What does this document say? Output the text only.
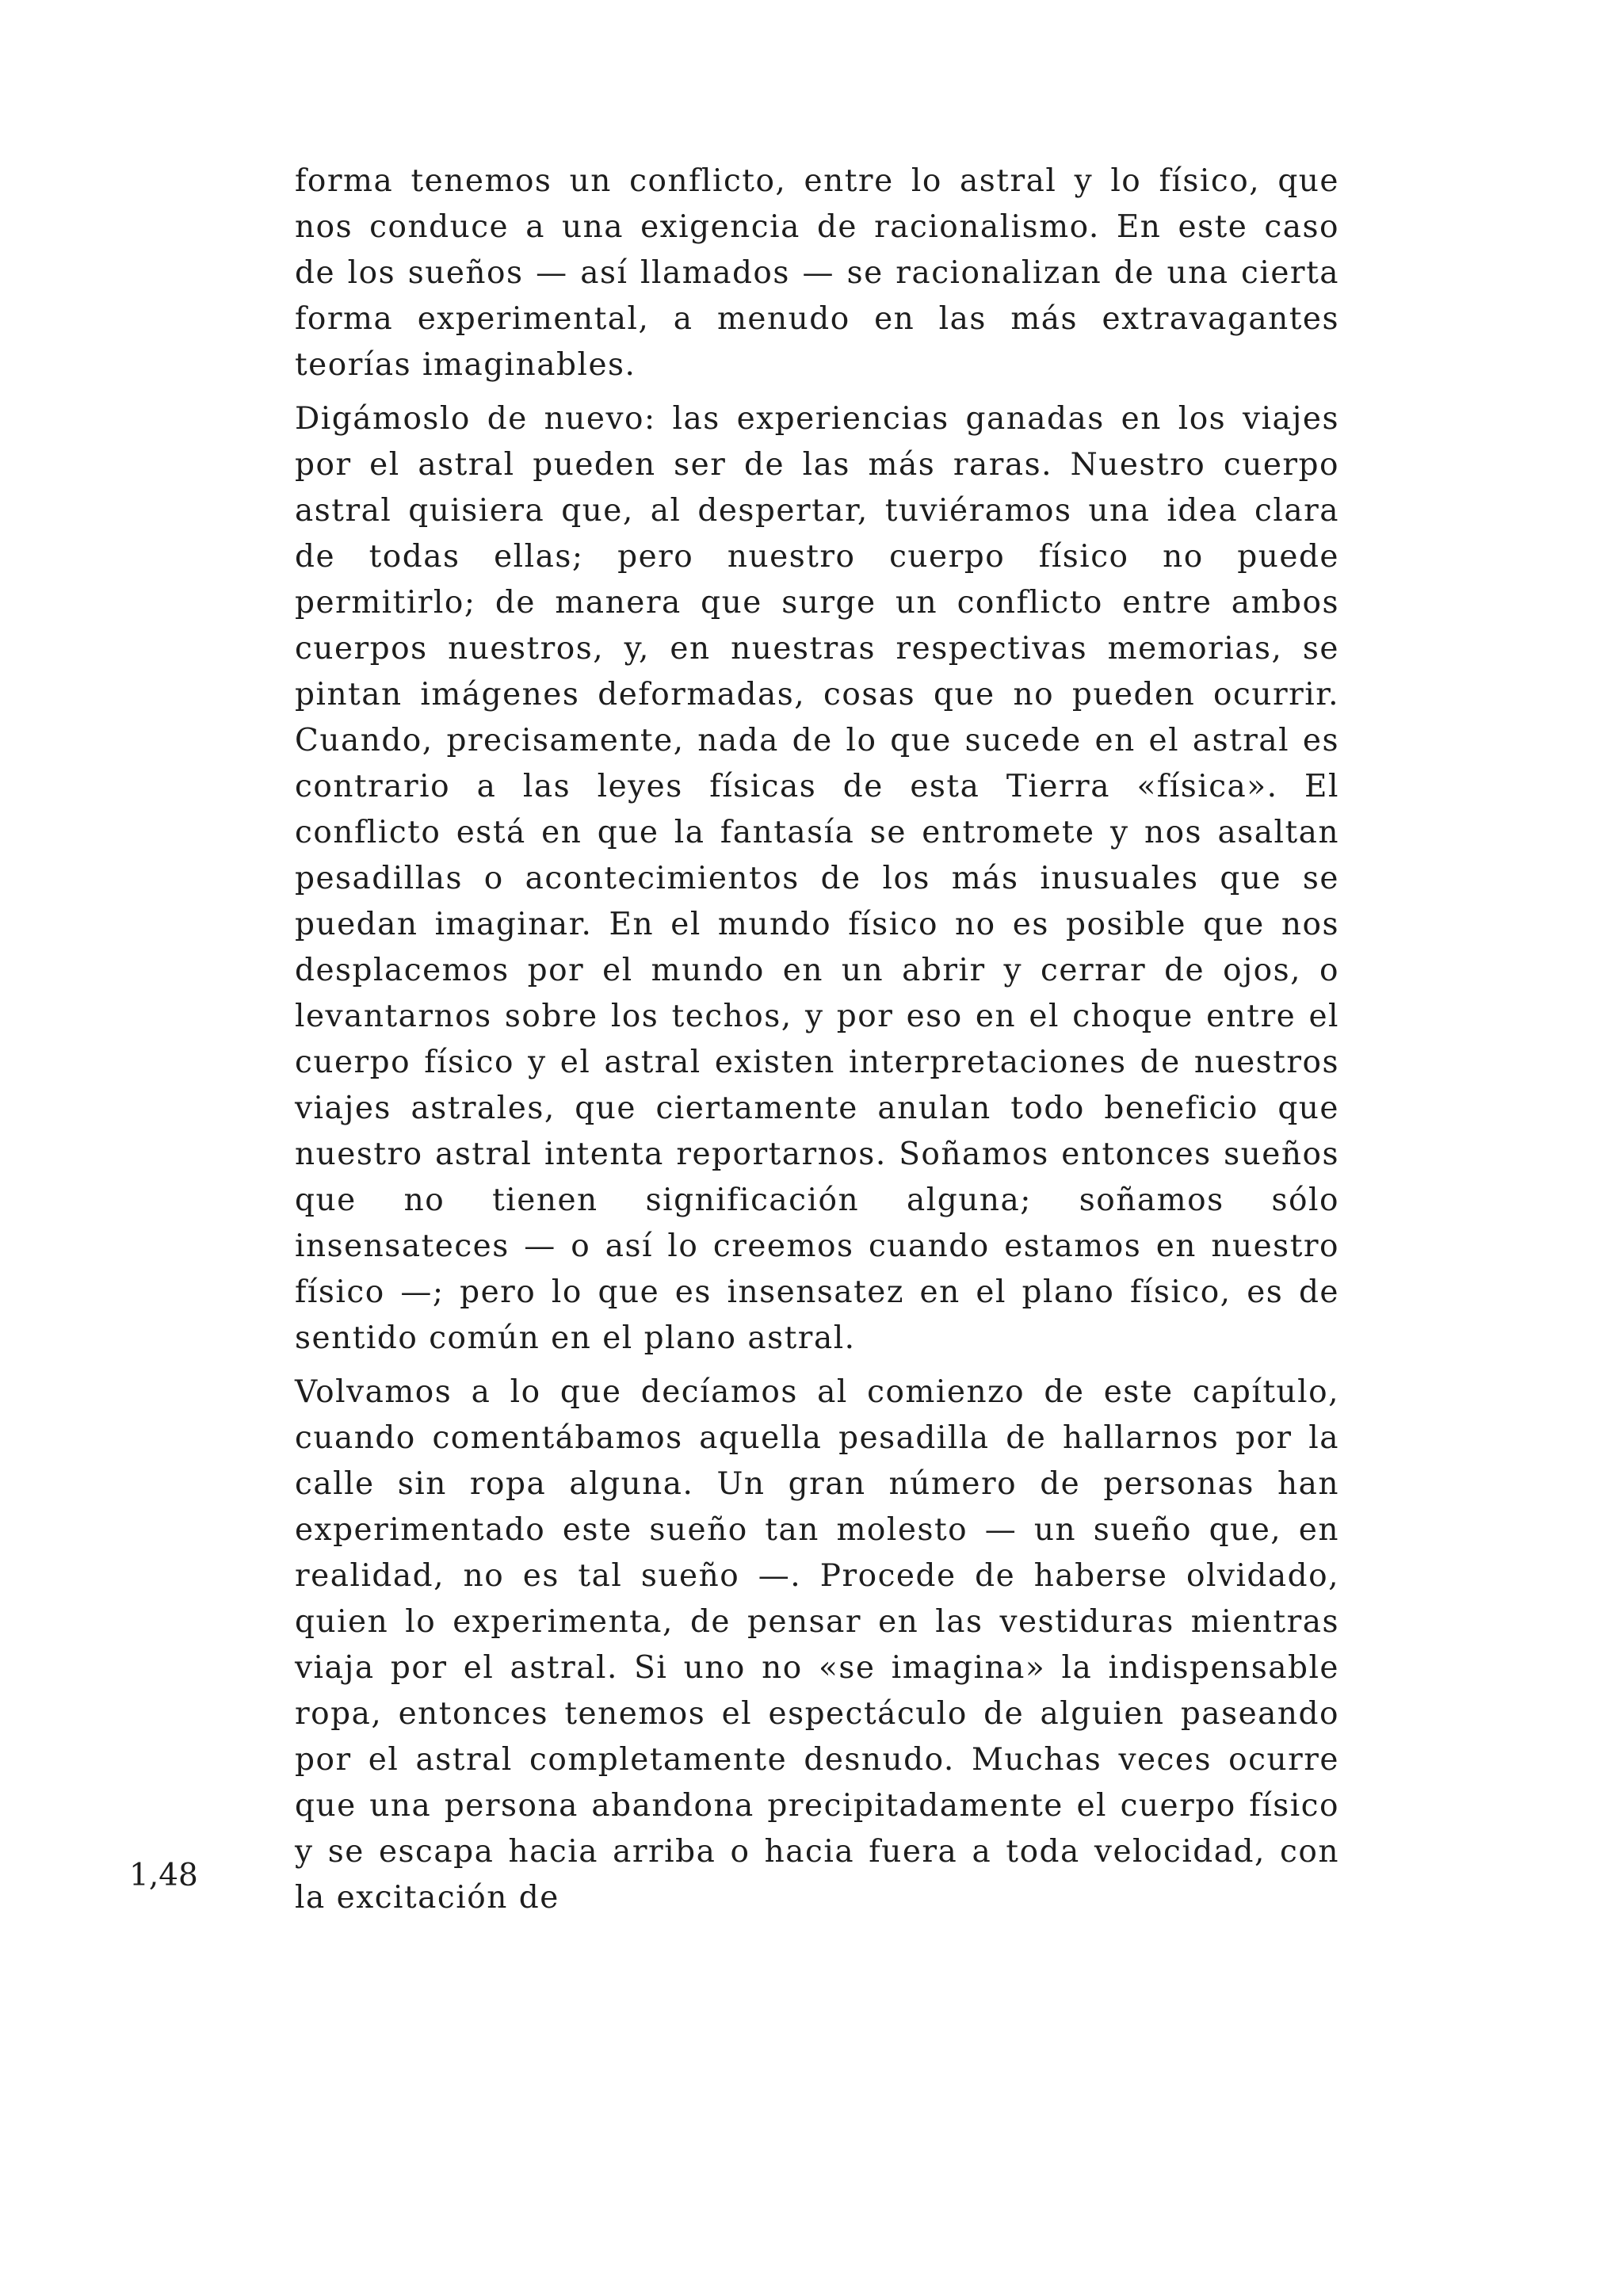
forma tenemos un conflicto, entre lo astral y lo físico, que nos conduce a una exigencia de racionalismo. En este caso de los sueños — así llamados — se racionalizan de una cierta forma experimental, a menudo en las más extravagantes teorías imaginables.

Digámoslo de nuevo: las experiencias ganadas en los viajes por el astral pueden ser de las más raras. Nuestro cuerpo astral quisiera que, al despertar, tuviéramos una idea clara de todas ellas; pero nuestro cuerpo físico no puede permitirlo; de manera que surge un conflicto entre ambos cuerpos nuestros, y, en nuestras respectivas memorias, se pintan imágenes deformadas, cosas que no pueden ocurrir. Cuando, precisamente, nada de lo que sucede en el astral es contrario a las leyes físicas de esta Tierra «física». El conflicto está en que la fantasía se entromete y nos asaltan pesadillas o acontecimientos de los más inusuales que se puedan imaginar. En el mundo físico no es posible que nos desplacemos por el mundo en un abrir y cerrar de ojos, o levantarnos sobre los techos, y por eso en el choque entre el cuerpo físico y el astral existen interpretaciones de nuestros viajes astrales, que ciertamente anulan todo beneficio que nuestro astral intenta reportarnos. Soñamos entonces sueños que no tienen significación alguna; soñamos sólo insensateces — o así lo creemos cuando estamos en nuestro físico —; pero lo que es insensatez en el plano físico, es de sentido común en el plano astral.

Volvamos a lo que decíamos al comienzo de este capítulo, cuando comentábamos aquella pesadilla de hallarnos por la calle sin ropa alguna. Un gran número de personas han experimentado este sueño tan molesto — un sueño que, en realidad, no es tal sueño —. Procede de haberse olvidado, quien lo experimenta, de pensar en las vestiduras mientras viaja por el astral. Si uno no «se imagina» la indispensable ropa, entonces tenemos el espectáculo de alguien paseando por el astral completamente desnudo. Muchas veces ocurre que una persona abandona precipitadamente el cuerpo físico y se escapa hacia arriba o hacia fuera a toda velocidad, con la excitación de

1,48
